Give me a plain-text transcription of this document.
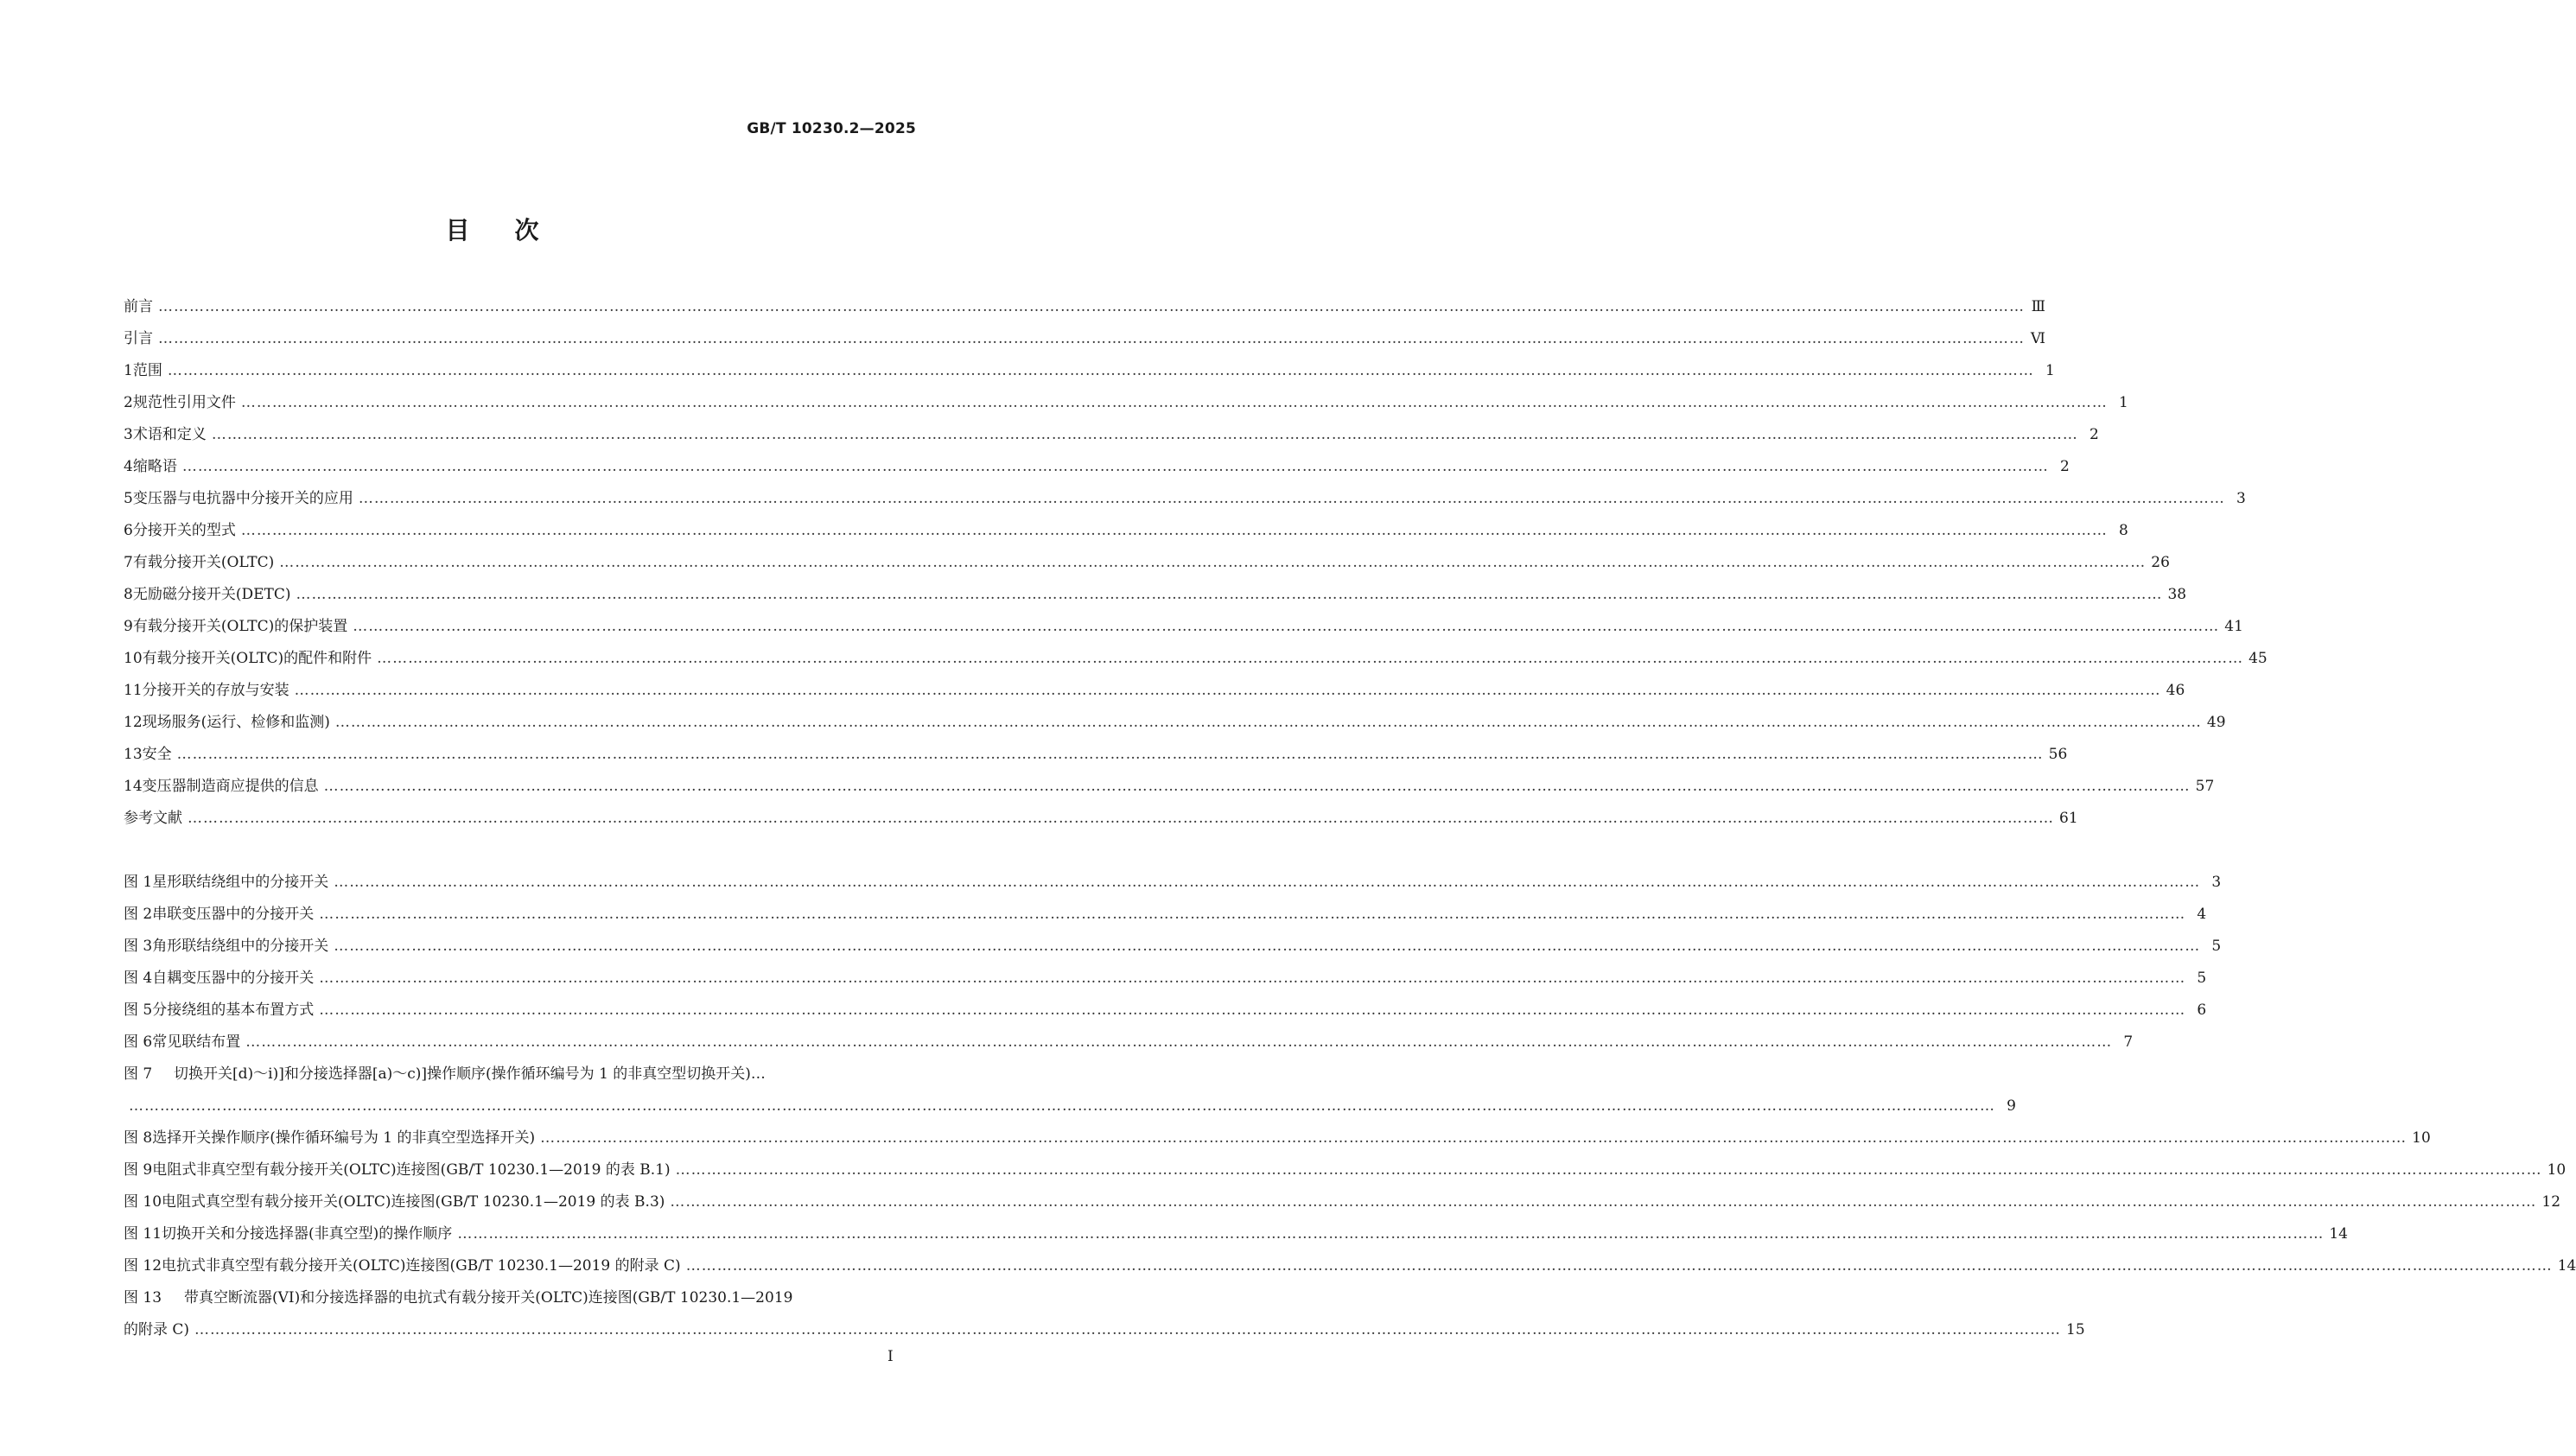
GB/T 10230.2—2025
目次
前言 ……………………………………………………………………………………………………………………………………………………………………………………………………………………………………………………………………………………………………………………………… Ⅲ
引言 ……………………………………………………………………………………………………………………………………………………………………………………………………………………………………………………………………………………………………………………………… Ⅵ
1 范围 ……………………………………………………………………………………………………………………………………………………………………………………………………………………………………………………………………………………………………………………………… 1
2 规范性引用文件 ……………………………………………………………………………………………………………………………………………………………………………………………………………………………………………………………………………………………………………………………… 1
3 术语和定义 ……………………………………………………………………………………………………………………………………………………………………………………………………………………………………………………………………………………………………………………………… 2
4 缩略语 ……………………………………………………………………………………………………………………………………………………………………………………………………………………………………………………………………………………………………………………………… 2
5 变压器与电抗器中分接开关的应用 ……………………………………………………………………………………………………………………………………………………………………………………………………………………………………………………………………………………………………………………………… 3
6 分接开关的型式 ……………………………………………………………………………………………………………………………………………………………………………………………………………………………………………………………………………………………………………………………… 8
7 有载分接开关(OLTC) ……………………………………………………………………………………………………………………………………………………………………………………………………………………………………………………………………………………………………………………………… 26
8 无励磁分接开关(DETC) ……………………………………………………………………………………………………………………………………………………………………………………………………………………………………………………………………………………………………………………………… 38
9 有载分接开关(OLTC)的保护装置 ……………………………………………………………………………………………………………………………………………………………………………………………………………………………………………………………………………………………………………………………… 41
10 有载分接开关(OLTC)的配件和附件 ……………………………………………………………………………………………………………………………………………………………………………………………………………………………………………………………………………………………………………………………… 45
11 分接开关的存放与安装 ……………………………………………………………………………………………………………………………………………………………………………………………………………………………………………………………………………………………………………………………… 46
12 现场服务(运行、检修和监测) ……………………………………………………………………………………………………………………………………………………………………………………………………………………………………………………………………………………………………………………………… 49
13 安全 ……………………………………………………………………………………………………………………………………………………………………………………………………………………………………………………………………………………………………………………………… 56
14 变压器制造商应提供的信息 ……………………………………………………………………………………………………………………………………………………………………………………………………………………………………………………………………………………………………………………………… 57
参考文献 ……………………………………………………………………………………………………………………………………………………………………………………………………………………………………………………………………………………………………………………………… 61
图 1 星形联结绕组中的分接开关 ……………………………………………………………………………………………………………………………………………………………………………………………………………………………………………………………………………………………………………………………… 3
图 2 串联变压器中的分接开关 ……………………………………………………………………………………………………………………………………………………………………………………………………………………………………………………………………………………………………………………………… 4
图 3 角形联结绕组中的分接开关 ……………………………………………………………………………………………………………………………………………………………………………………………………………………………………………………………………………………………………………………………… 5
图 4 自耦变压器中的分接开关 ……………………………………………………………………………………………………………………………………………………………………………………………………………………………………………………………………………………………………………………………… 5
图 5 分接绕组的基本布置方式 ……………………………………………………………………………………………………………………………………………………………………………………………………………………………………………………………………………………………………………………………… 6
图 6 常见联结布置 ……………………………………………………………………………………………………………………………………………………………………………………………………………………………………………………………………………………………………………………………… 7
图 7	切换开关[d)～i)]和分接选择器[a)～c)]操作顺序(操作循环编号为 1 的非真空型切换开关)…
……………………………………………………………………………………………………………………………………………………………………………………………………………………………………………………………………………………………………………………………… 9
图 8 选择开关操作顺序(操作循环编号为 1 的非真空型选择开关) ……………………………………………………………………………………………………………………………………………………………………………………………………………………………………………………………………………………………………………………………… 10
图 9 电阻式非真空型有载分接开关(OLTC)连接图(GB/T 10230.1—2019 的表 B.1) ……………………………………………………………………………………………………………………………………………………………………………………………………………………………………………………………………………………………………………………………… 10
图 10 电阻式真空型有载分接开关(OLTC)连接图(GB/T 10230.1—2019 的表 B.3) ……………………………………………………………………………………………………………………………………………………………………………………………………………………………………………………………………………………………………………………………… 12
图 11 切换开关和分接选择器(非真空型)的操作顺序 ……………………………………………………………………………………………………………………………………………………………………………………………………………………………………………………………………………………………………………………………… 14
图 12 电抗式非真空型有载分接开关(OLTC)连接图(GB/T 10230.1—2019 的附录 C) ……………………………………………………………………………………………………………………………………………………………………………………………………………………………………………………………………………………………………………………………… 14
图 13	带真空断流器(VI)和分接选择器的电抗式有载分接开关(OLTC)连接图(GB/T 10230.1—2019
的附录 C) ……………………………………………………………………………………………………………………………………………………………………………………………………………………………………………………………………………………………………………………………… 15
I
